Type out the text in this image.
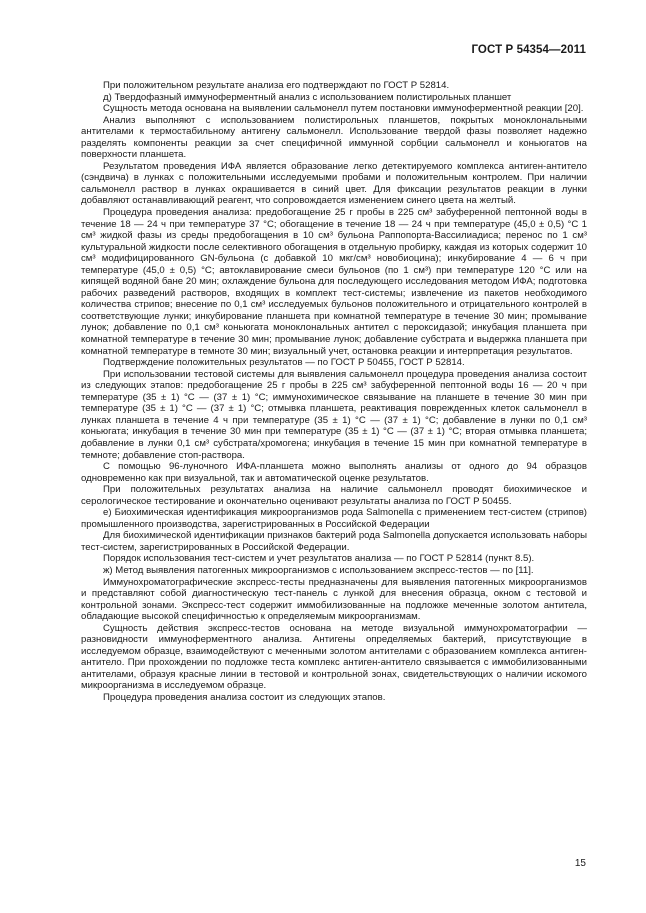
ГОСТ Р 54354—2011

При положительном результате анализа его подтверждают по ГОСТ Р 52814.

д) Твердофазный иммуноферментный анализ с использованием полистирольных планшет

Сущность метода основана на выявлении сальмонелл путем постановки иммуноферментной реакции [20].

Анализ выполняют с использованием полистирольных планшетов, покрытых моноклональными антителами к термостабильному антигену сальмонелл. Использование твердой фазы позволяет надежно разделять компоненты реакции за счет специфичной иммунной сорбции сальмонелл и коньюгатов на поверхности планшета.

Результатом проведения ИФА является образование легко детектируемого комплекса антиген-антитело (сэндвича) в лунках с положительными исследуемыми пробами и положительным контролем. При наличии сальмонелл раствор в лунках окрашивается в синий цвет. Для фиксации результатов реакции в лунки добавляют останавливающий реагент, что сопровождается изменением синего цвета на желтый.

Процедура проведения анализа: предобогащение 25 г пробы в 225 см³ забуференной пептонной воды в течение 18 — 24 ч при температуре 37 °С; обогащение в течение 18 — 24 ч при температуре (45,0 ± 0,5) °С 1 см³ жидкой фазы из среды предобогащения в 10 см³ бульона Раппопорта-Вассилиадиса; перенос по 1 см³ культуральной жидкости после селективного обогащения в отдельную пробирку, каждая из которых содержит 10 см³ модифицированного GN-бульона (с добавкой 10 мкг/см³ новобиоцина); инкубирование 4 — 6 ч при температуре (45,0 ± 0,5) °С; автоклавирование смеси бульонов (по 1 см³) при температуре 120 °С или на кипящей водяной бане 20 мин; охлаждение бульона для последующего исследования методом ИФА; подготовка рабочих разведений растворов, входящих в комплект тест-системы; извлечение из пакетов необходимого количества стрипов; внесение по 0,1 см³ исследуемых бульонов положительного и отрицательного контролей в соответствующие лунки; инкубирование планшета при комнатной температуре в течение 30 мин; промывание лунок; добавление по 0,1 см³ коньюгата моноклональных антител с пероксидазой; инкубация планшета при комнатной температуре в течение 30 мин; промывание лунок; добавление субстрата и выдержка планшета при комнатной температуре в темноте 30 мин; визуальный учет, остановка реакции и интерпретация результатов.

Подтверждение положительных результатов — по ГОСТ Р 50455, ГОСТ Р 52814.

При использовании тестовой системы для выявления сальмонелл процедура проведения анализа состоит из следующих этапов: предобогащение 25 г пробы в 225 см³ забуференной пептонной воды 16 — 20 ч при температуре (35 ± 1) °С — (37 ± 1) °С; иммунохимическое связывание на планшете в течение 30 мин при температуре (35 ± 1) °С — (37 ± 1) °С; отмывка планшета, реактивация поврежденных клеток сальмонелл в лунках планшета в течение 4 ч при температуре (35 ± 1) °С — (37 ± 1) °С; добавление в лунки по 0,1 см³ коньюгата; инкубация в течение 30 мин при температуре (35 ± 1) °С — (37 ± 1) °С; вторая отмывка планшета; добавление в лунки 0,1 см³ субстрата/хромогена; инкубация в течение 15 мин при комнатной температуре в темноте; добавление стоп-раствора.

С помощью 96-луночного ИФА-планшета можно выполнять анализы от одного до 94 образцов одновременно как при визуальной, так и автоматической оценке результатов.

При положительных результатах анализа на наличие сальмонелл проводят биохимическое и серологическое тестирование и окончательно оценивают результаты анализа по ГОСТ Р 50455.

е) Биохимическая идентификация микроорганизмов рода Salmonella с применением тест-систем (стрипов) промышленного производства, зарегистрированных в Российской Федерации

Для биохимической идентификации признаков бактерий рода Salmonella допускается использовать наборы тест-систем, зарегистрированных в Российской Федерации.

Порядок использования тест-систем и учет результатов анализа — по ГОСТ Р 52814 (пункт 8.5).

ж) Метод выявления патогенных микроорганизмов с использованием экспресс-тестов — по [11].

Иммунохроматографические экспресс-тесты предназначены для выявления патогенных микроорганизмов и представляют собой диагностическую тест-панель с лункой для внесения образца, окном с тестовой и контрольной зонами. Экспресс-тест содержит иммобилизованные на подложке меченные золотом антитела, обладающие высокой специфичностью к определяемым микроорганизмам.

Сущность действия экспресс-тестов основана на методе визуальной иммунохроматографии — разновидности иммуноферментного анализа. Антигены определяемых бактерий, присутствующие в исследуемом образце, взаимодействуют с меченными золотом антителами с образованием комплекса антиген-антитело. При прохождении по подложке теста комплекс антиген-антитело связывается с иммобилизованными антителами, образуя красные линии в тестовой и контрольной зонах, свидетельствующих о наличии искомого микроорганизма в исследуемом образце.

Процедура проведения анализа состоит из следующих этапов.

15
